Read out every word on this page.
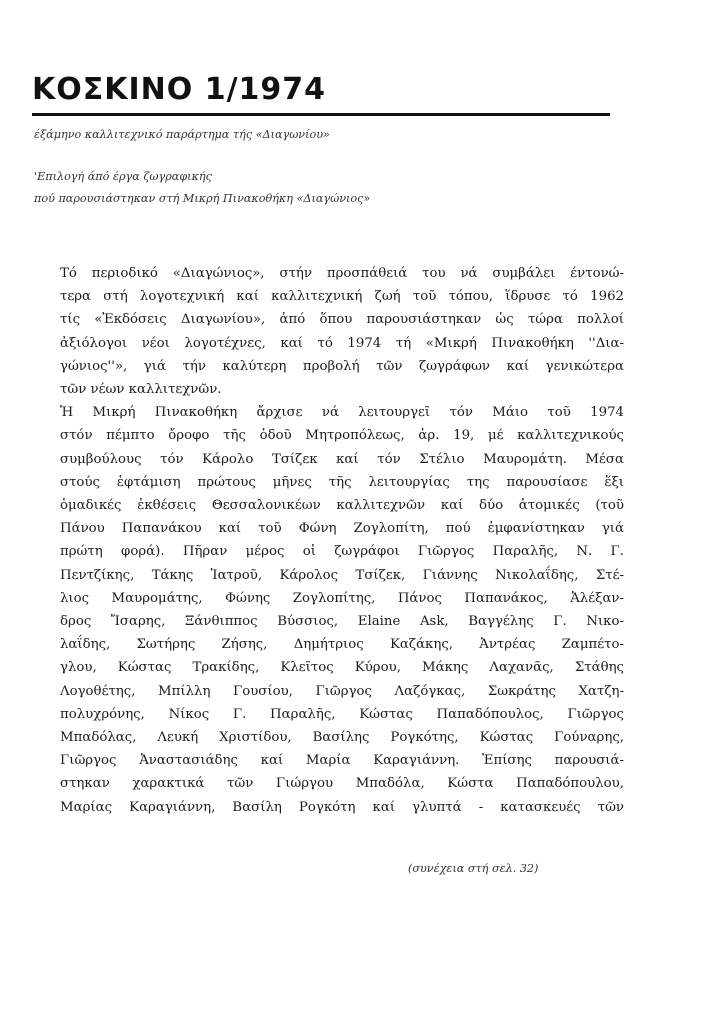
ΚΟΣΚΙΝΟ 1/1974

έξάμηνο καλλιτεχνικό παράρτημα τής «Διαγωνίου»

'Επιλογή άπό έργα ζωγραφικής
πού παρουσιάστηκαν στή Μικρή Πινακοθήκη «Διαγώνιος»

Τό περιοδικό «Διαγώνιος», στήν προσπάθειά του νά συμβάλει έντονώ-
τερα στή λογοτεχνική καί καλλιτεχνική ζωή τοῦ τόπου, ἵδρυσε τό 1962
τίς «Ἐκδόσεις Διαγωνίου», ἀπό ὅπου παρουσιάστηκαν ὡς τώρα πολλοί
ἀξιόλογοι νέοι λογοτέχνες, καί τό 1974 τή «Μικρή Πινακοθήκη ''Δια-
γώνιος''», γιά τήν καλύτερη προβολή τῶν ζωγράφων καί γενικώτερα
τῶν νέων καλλιτεχνῶν.
Ἡ Μικρή Πινακοθήκη ἄρχισε νά λειτουργεῖ τόν Μάιο τοῦ 1974
στόν πέμπτο ὄροφο τῆς ὁδοῦ Μητροπόλεως, ἀρ. 19, μέ καλλιτεχνικούς
συμβούλους τόν Κάρολο Τσίζεκ καί τόν Στέλιο Μαυρομάτη. Μέσα
στούς ἑφτάμιση πρώτους μῆνες τῆς λειτουργίας της παρουσίασε ἕξι
ὁμαδικές ἐκθέσεις Θεσσαλονικέων καλλιτεχνῶν καί δύο ἀτομικές (τοῦ
Πάνου Παπανάκου καί τοῦ Φώνη Ζογλοπίτη, πού ἐμφανίστηκαν γιά
πρώτη φορά). Πῆραν μέρος οἱ ζωγράφοι Γιῶργος Παραλῆς, Ν. Γ.
Πεντζίκης, Τάκης Ἰατροῦ, Κάρολος Τσίζεκ, Γιάννης Νικολαΐδης, Στέ-
λιος Μαυρομάτης, Φώνης Ζογλοπίτης, Πάνος Παπανάκος, Ἀλέξαν-
δρος Ἴσαρης, Ξάνθιππος Βύσσιος, Elaine Ask, Βαγγέλης Γ. Νικο-
λαΐδης, Σωτήρης Ζήσης, Δημήτριος Καζάκης, Ἀντρέας Ζαμπέτο-
γλου, Κώστας Τρακίδης, Κλεῖτος Κύρου, Μάκης Λαχανᾶς, Στάθης
Λογοθέτης, Μπίλλη Γουσίου, Γιῶργος Λαζόγκας, Σωκράτης Χατζη-
πολυχρόνης, Νίκος Γ. Παραλῆς, Κώστας Παπαδόπουλος, Γιῶργος
Μπαδόλας, Λευκή Χριστίδου, Βασίλης Ρογκότης, Κώστας Γούναρης,
Γιῶργος Ἀναστασιάδης καί Μαρία Καραγιάννη. Ἐπίσης παρουσιά-
στηκαν χαρακτικά τῶν Γιώργου Μπαδόλα, Κώστα Παπαδόπουλου,
Μαρίας Καραγιάννη, Βασίλη Ρογκότη καί γλυπτά - κατασκευές τῶν

(συνέχεια στή σελ. 32)
